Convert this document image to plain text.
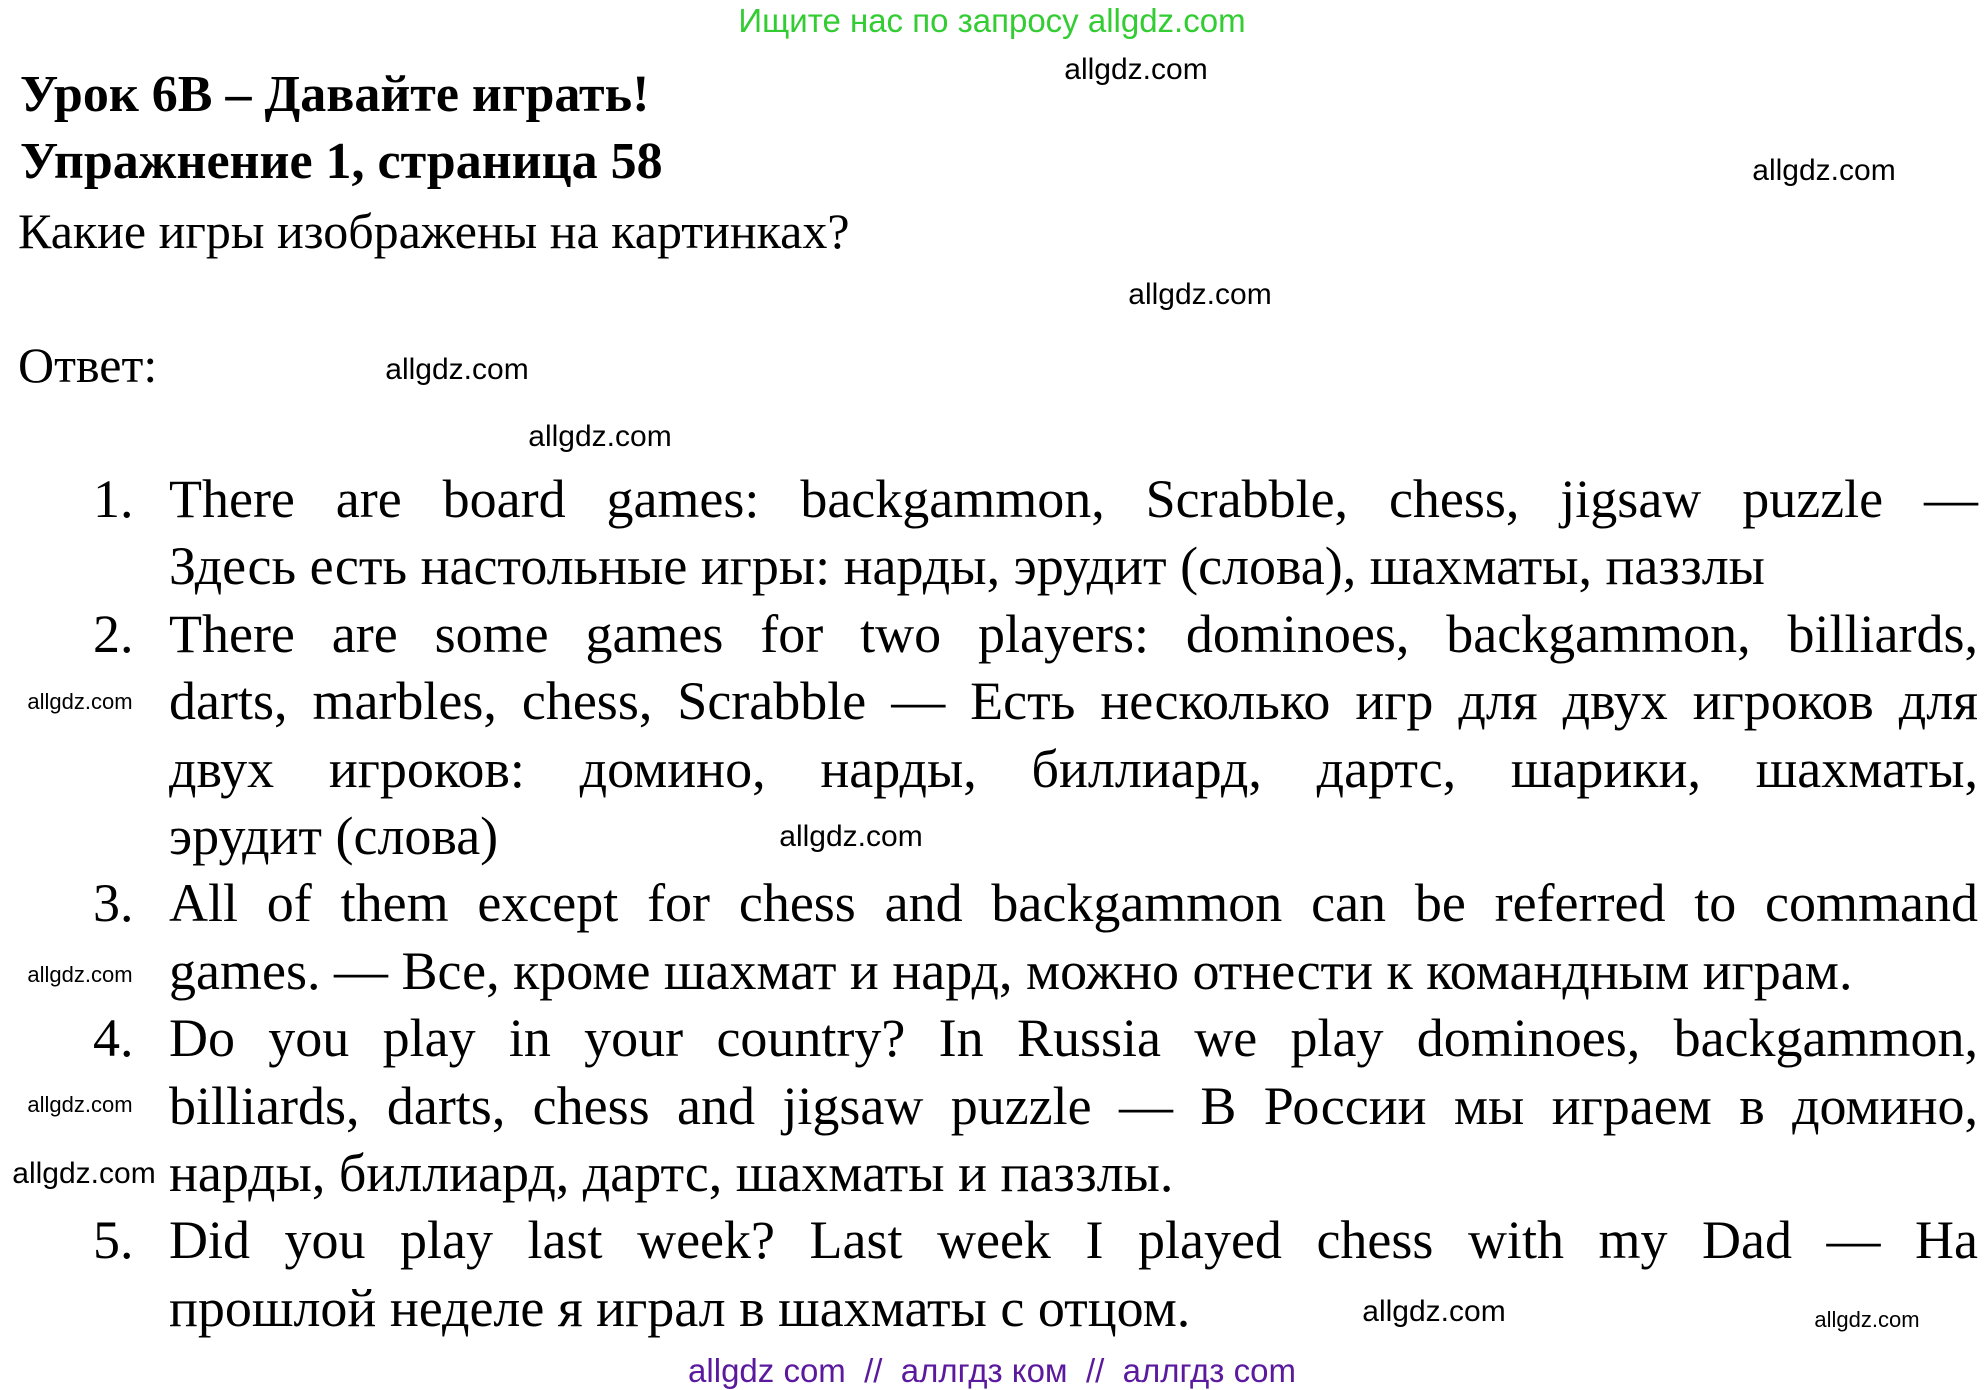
Ищите нас по запросу allgdz.com
Урок 6B – Давайте играть!
Упражнение 1, страница 58
Какие игры изображены на картинках?
Ответ:
1. There are board games: backgammon, Scrabble, chess, jigsaw puzzle —
Здесь есть настольные игры: нарды, эрудит (слова), шахматы, паззлы
2. There are some games for two players: dominoes, backgammon, billiards,
darts, marbles, chess, Scrabble — Есть несколько игр для двух игроков для
двух игроков: домино, нарды, биллиард, дартс, шарики, шахматы,
эрудит (слова)
3. All of them except for chess and backgammon can be referred to command
games. — Все, кроме шахмат и нард, можно отнести к командным играм.
4. Do you play in your country? In Russia we play dominoes, backgammon,
billiards, darts, chess and jigsaw puzzle — В России мы играем в домино,
нарды, биллиард, дартс, шахматы и паззлы.
5. Did you play last week? Last week I played chess with my Dad — На
прошлой неделе я играл в шахматы с отцом.
allgdz.com
allgdz.com
allgdz.com
allgdz.com
allgdz.com
allgdz.com
allgdz.com
allgdz.com
allgdz.com
allgdz.com
allgdz.com
allgdz.com
allgdz com  //  аллгдз ком  //  аллгдз com
